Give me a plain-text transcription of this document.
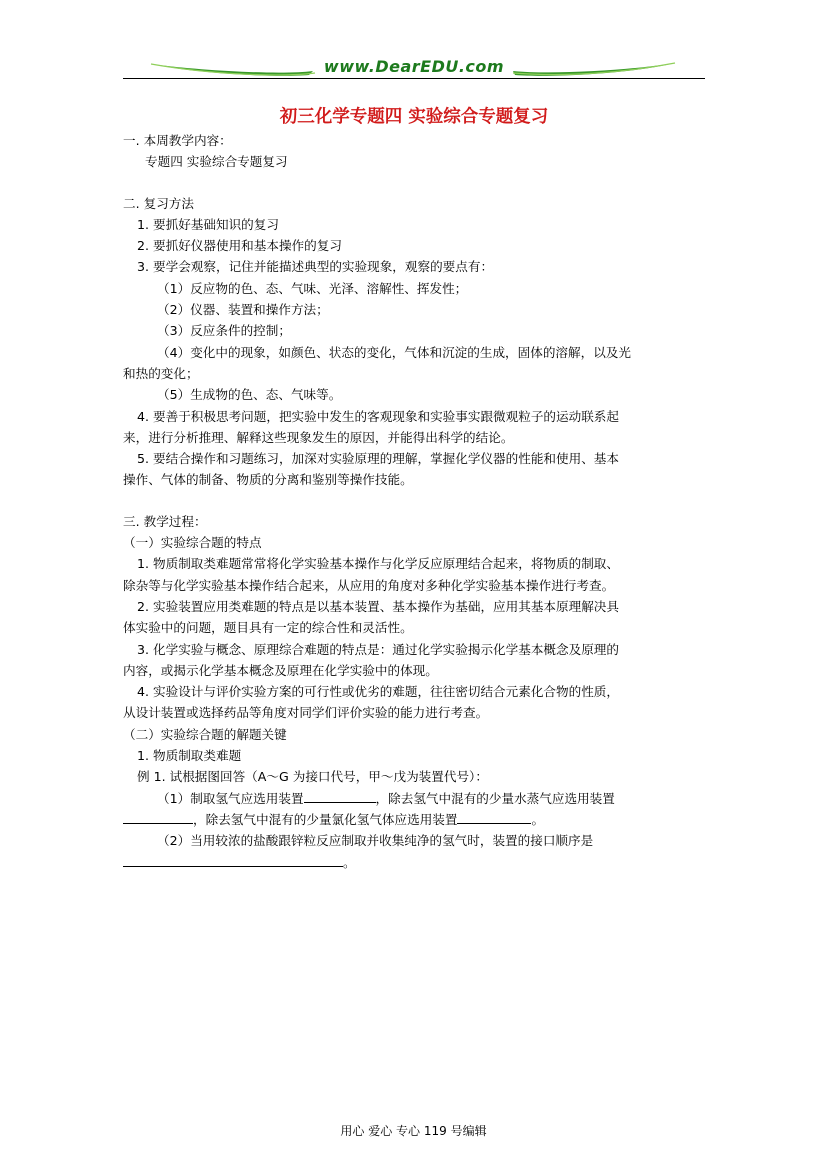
www.DearEDU.com
初三化学专题四 实验综合专题复习
一. 本周教学内容：
专题四 实验综合专题复习
二. 复习方法
1. 要抓好基础知识的复习
2. 要抓好仪器使用和基本操作的复习
3. 要学会观察，记住并能描述典型的实验现象，观察的要点有：
（1）反应物的色、态、气味、光泽、溶解性、挥发性；
（2）仪器、装置和操作方法；
（3）反应条件的控制；
（4）变化中的现象，如颜色、状态的变化，气体和沉淀的生成，固体的溶解，以及光
和热的变化；
（5）生成物的色、态、气味等。
4. 要善于积极思考问题，把实验中发生的客观现象和实验事实跟微观粒子的运动联系起
来，进行分析推理、解释这些现象发生的原因，并能得出科学的结论。
5. 要结合操作和习题练习，加深对实验原理的理解，掌握化学仪器的性能和使用、基本
操作、气体的制备、物质的分离和鉴别等操作技能。
三. 教学过程：
（一）实验综合题的特点
1. 物质制取类难题常常将化学实验基本操作与化学反应原理结合起来，将物质的制取、
除杂等与化学实验基本操作结合起来，从应用的角度对多种化学实验基本操作进行考查。
2. 实验装置应用类难题的特点是以基本装置、基本操作为基础，应用其基本原理解决具
体实验中的问题，题目具有一定的综合性和灵活性。
3. 化学实验与概念、原理综合难题的特点是：通过化学实验揭示化学基本概念及原理的
内容，或揭示化学基本概念及原理在化学实验中的体现。
4. 实验设计与评价实验方案的可行性或优劣的难题，往往密切结合元素化合物的性质，
从设计装置或选择药品等角度对同学们评价实验的能力进行考查。
（二）实验综合题的解题关键
1. 物质制取类难题
例 1. 试根据图回答（A～G 为接口代号，甲～戊为装置代号）：
（1）制取氢气应选用装置	，除去氢气中混有的少量水蒸气应选用装置
，除去氢气中混有的少量氯化氢气体应选用装置	。
（2）当用较浓的盐酸跟锌粒反应制取并收集纯净的氢气时，装置的接口顺序是
。
用心 爱心 专心 119 号编辑
